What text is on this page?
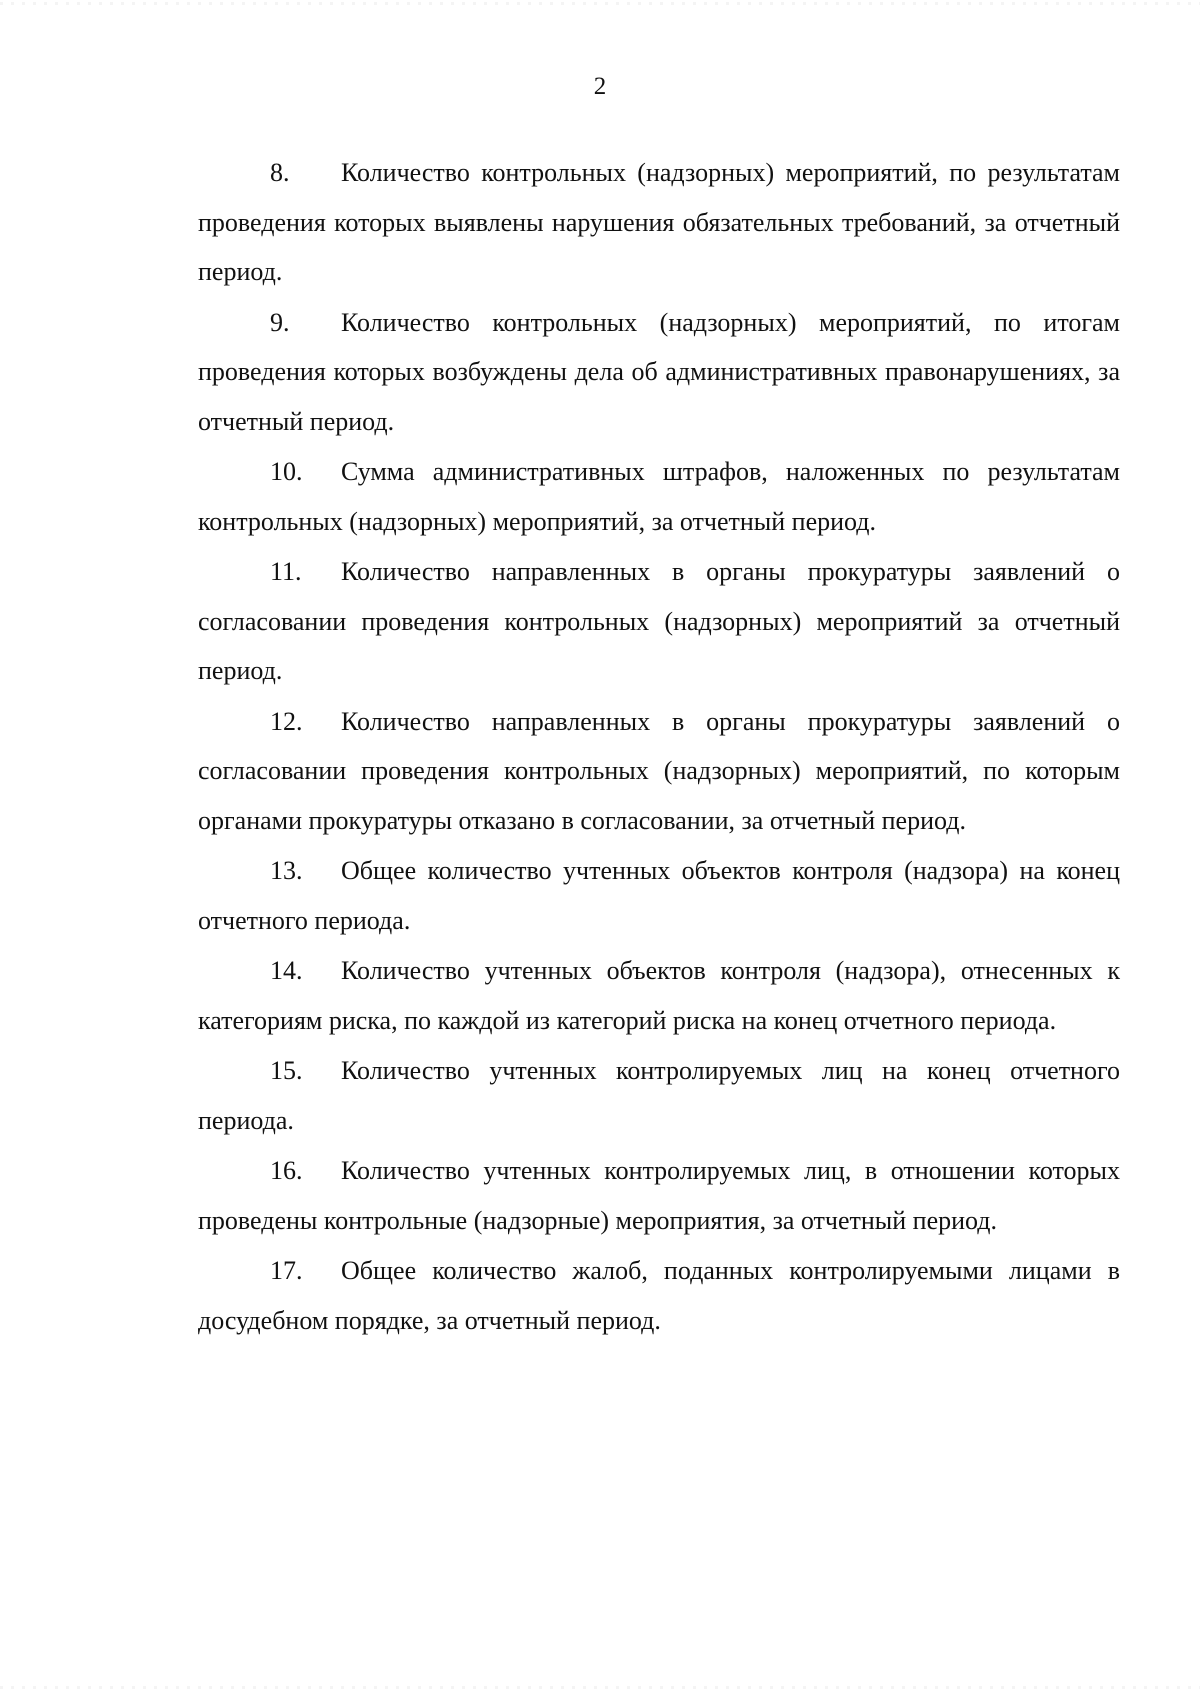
2

8. Количество контрольных (надзорных) мероприятий, по результатам проведения которых выявлены нарушения обязательных требований, за отчетный период.

9. Количество контрольных (надзорных) мероприятий, по итогам проведения которых возбуждены дела об административных правонарушениях, за отчетный период.

10. Сумма административных штрафов, наложенных по результатам контрольных (надзорных) мероприятий, за отчетный период.

11. Количество направленных в органы прокуратуры заявлений о согласовании проведения контрольных (надзорных) мероприятий за отчетный период.

12. Количество направленных в органы прокуратуры заявлений о согласовании проведения контрольных (надзорных) мероприятий, по которым органами прокуратуры отказано в согласовании, за отчетный период.

13. Общее количество учтенных объектов контроля (надзора) на конец отчетного периода.

14. Количество учтенных объектов контроля (надзора), отнесенных к категориям риска, по каждой из категорий риска на конец отчетного периода.

15. Количество учтенных контролируемых лиц на конец отчетного периода.

16. Количество учтенных контролируемых лиц, в отношении которых проведены контрольные (надзорные) мероприятия, за отчетный период.

17. Общее количество жалоб, поданных контролируемыми лицами в досудебном порядке, за отчетный период.
